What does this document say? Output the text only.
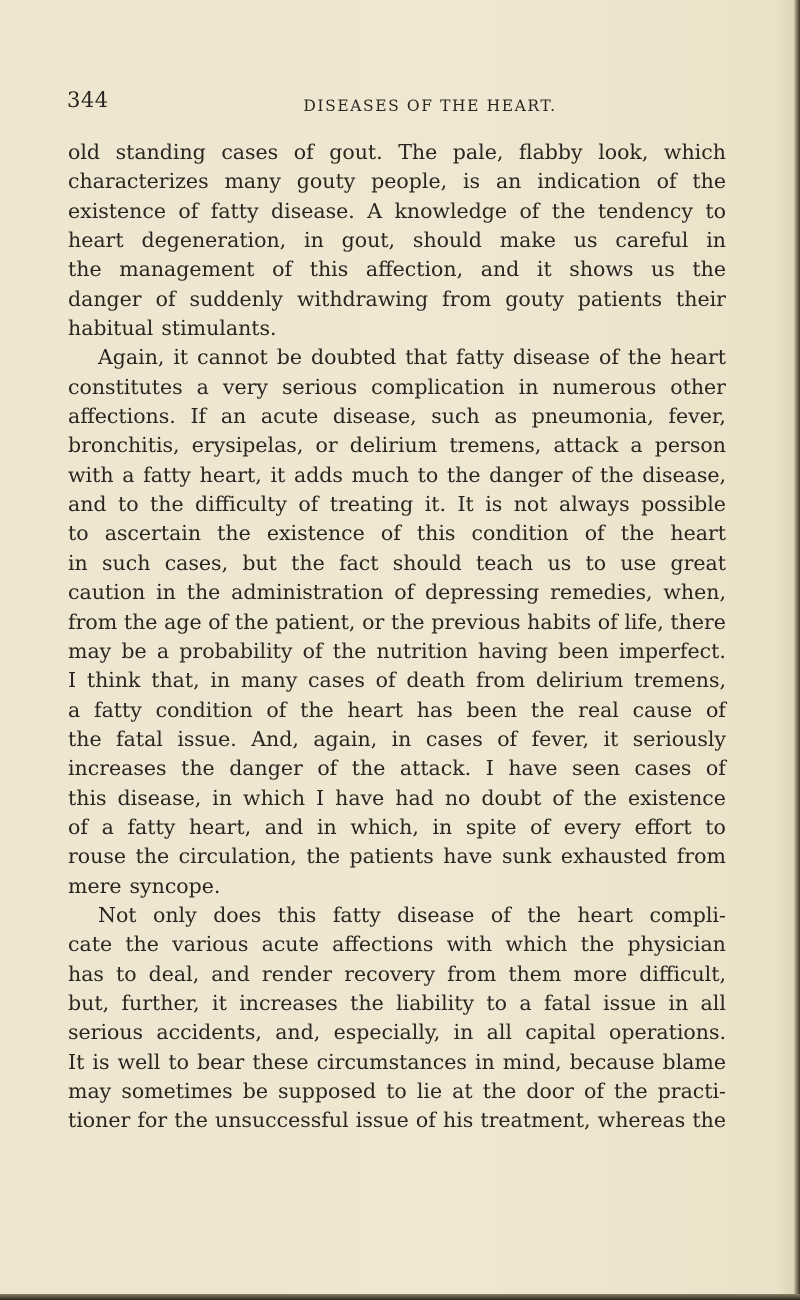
344	DISEASES OF THE HEART.
old standing cases of gout. The pale, flabby look, which
characterizes many gouty people, is an indication of the
existence of fatty disease. A knowledge of the tendency to
heart degeneration, in gout, should make us careful in
the management of this affection, and it shows us the
danger of suddenly withdrawing from gouty patients their
habitual stimulants.
Again, it cannot be doubted that fatty disease of the heart
constitutes a very serious complication in numerous other
affections. If an acute disease, such as pneumonia, fever,
bronchitis, erysipelas, or delirium tremens, attack a person
with a fatty heart, it adds much to the danger of the disease,
and to the difficulty of treating it. It is not always possible
to ascertain the existence of this condition of the heart
in such cases, but the fact should teach us to use great
caution in the administration of depressing remedies, when,
from the age of the patient, or the previous habits of life, there
may be a probability of the nutrition having been imperfect.
I think that, in many cases of death from delirium tremens,
a fatty condition of the heart has been the real cause of
the fatal issue. And, again, in cases of fever, it seriously
increases the danger of the attack. I have seen cases of
this disease, in which I have had no doubt of the existence
of a fatty heart, and in which, in spite of every effort to
rouse the circulation, the patients have sunk exhausted from
mere syncope.
Not only does this fatty disease of the heart compli-
cate the various acute affections with which the physician
has to deal, and render recovery from them more difficult,
but, further, it increases the liability to a fatal issue in all
serious accidents, and, especially, in all capital operations.
It is well to bear these circumstances in mind, because blame
may sometimes be supposed to lie at the door of the practi-
tioner for the unsuccessful issue of his treatment, whereas the
